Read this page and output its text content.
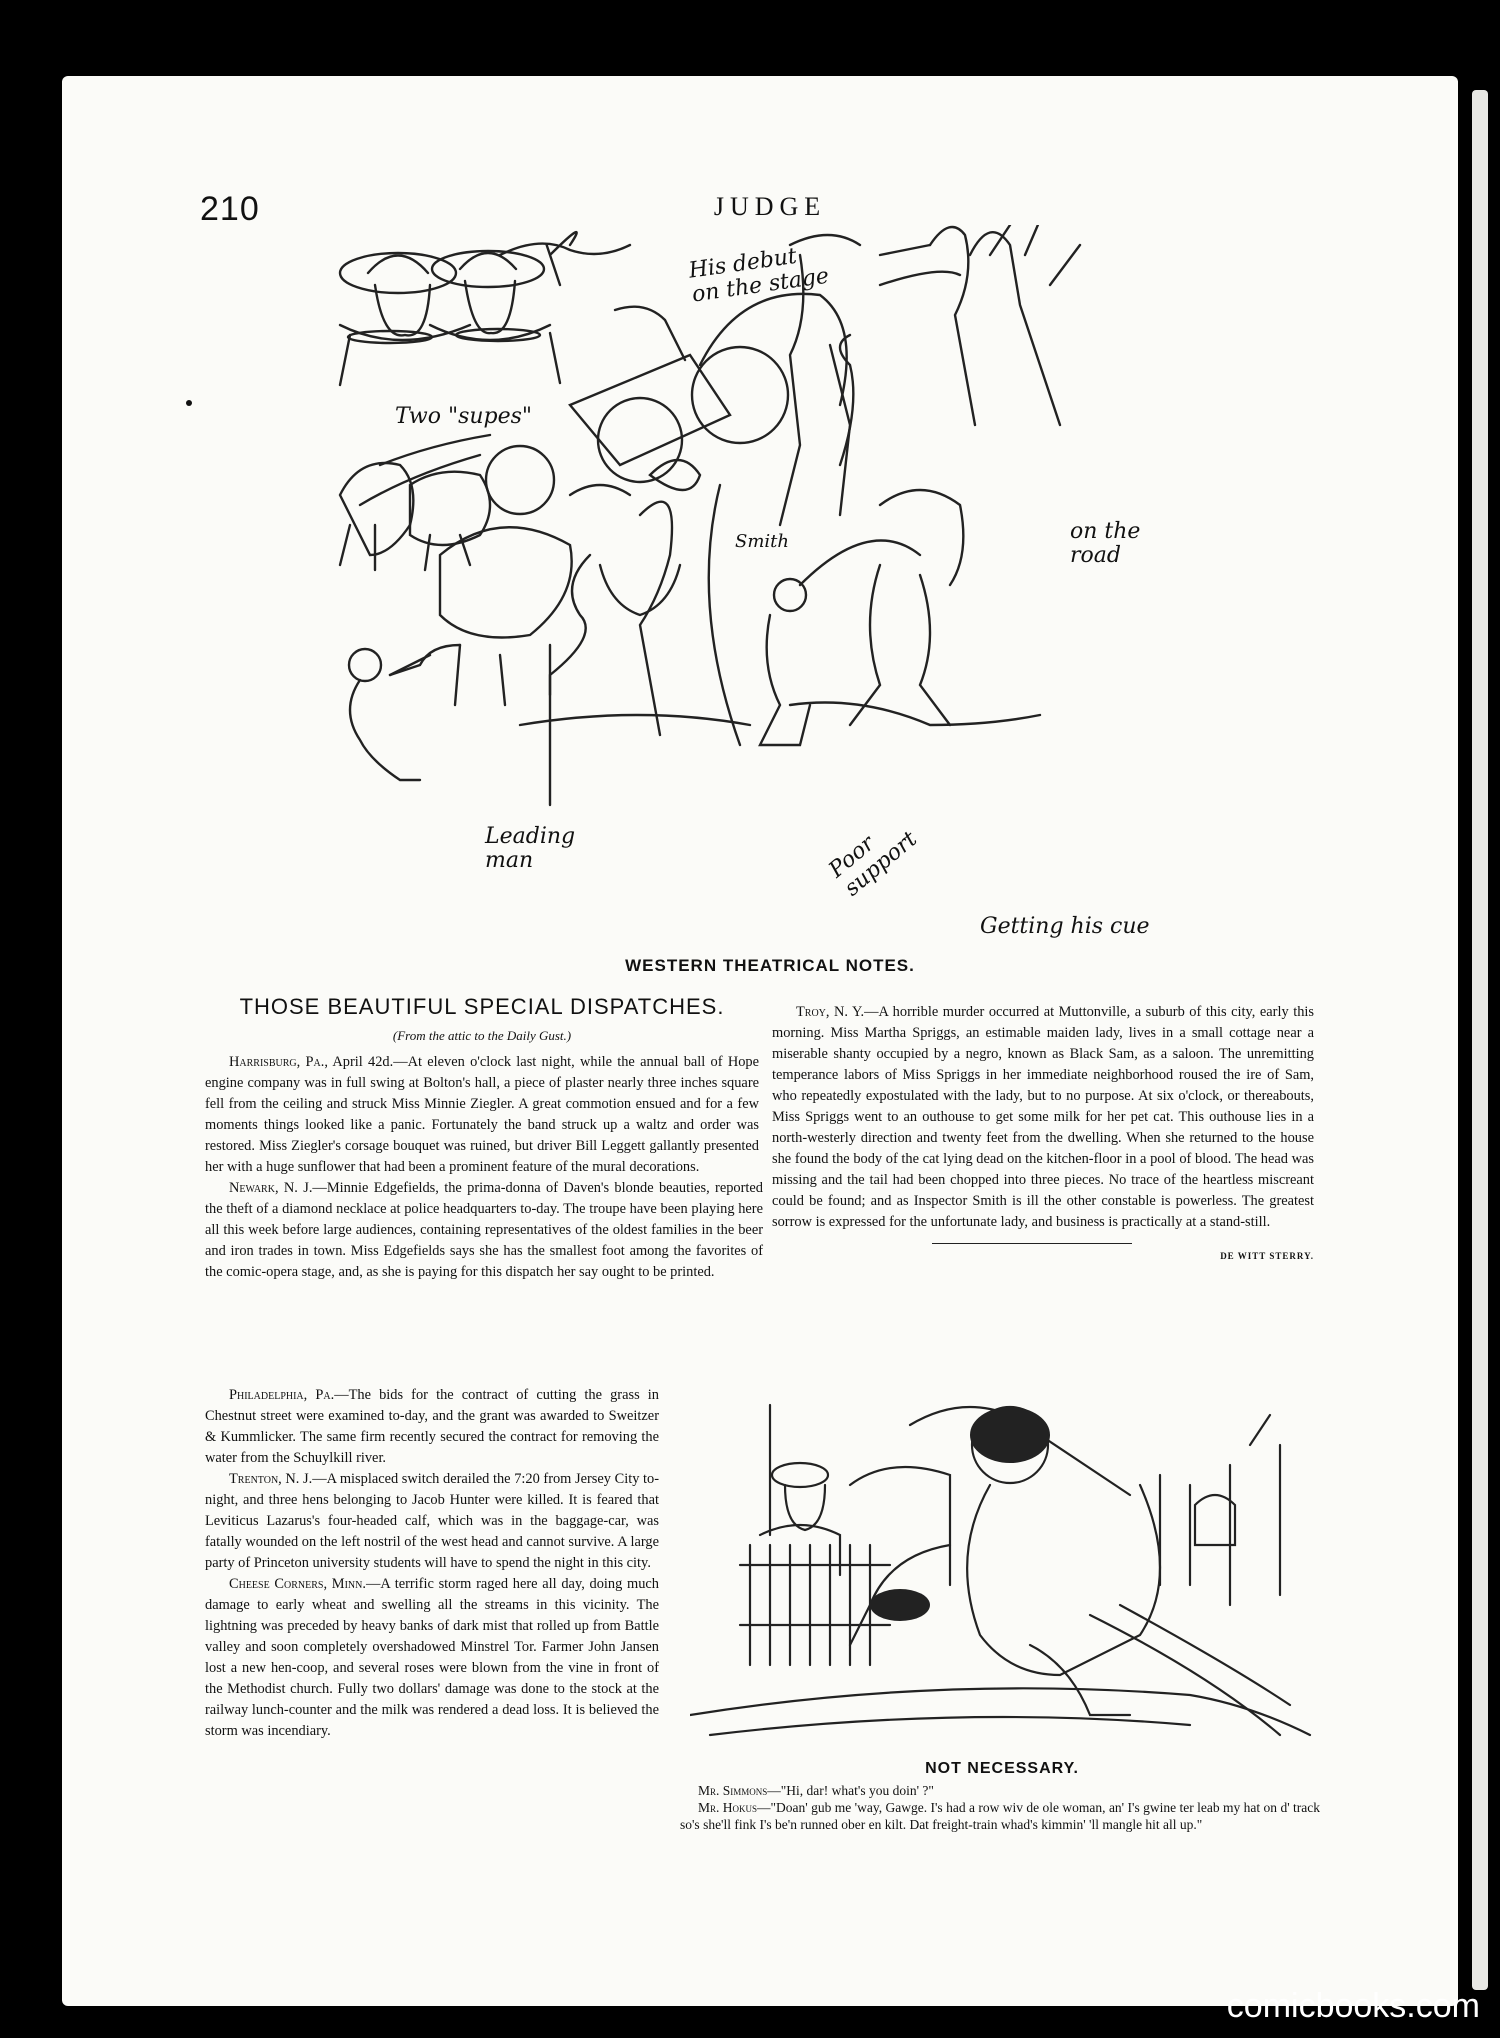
210	JUDGE
Two "supes"
His debut on the stage
on the road
Leading man	Poor support
Getting his cue
Smith
WESTERN THEATRICAL NOTES.
THOSE BEAUTIFUL SPECIAL DISPATCHES.
(From the attic to the Daily Gust.)

Harrisburg, Pa., April 42d.—At eleven o'clock last night, while the annual ball of Hope engine company was in full swing at Bolton's hall, a piece of plaster nearly three inches square fell from the ceiling and struck Miss Minnie Ziegler. A great commotion ensued and for a few moments things looked like a panic. Fortunately the band struck up a waltz and order was restored. Miss Ziegler's corsage bouquet was ruined, but driver Bill Leggett gallantly presented her with a huge sunflower that had been a prominent feature of the mural decorations.

Newark, N. J.—Minnie Edgefields, the prima-donna of Daven's blonde beauties, reported the theft of a diamond necklace at police headquarters to-day. The troupe have been playing here all this week before large audiences, containing representatives of the oldest families in the beer and iron trades in town. Miss Edgefields says she has the smallest foot among the favorites of the comic-opera stage, and, as she is paying for this dispatch her say ought to be printed.

Philadelphia, Pa.—The bids for the contract of cutting the grass in Chestnut street were examined to-day, and the grant was awarded to Sweitzer & Kummlicker. The same firm recently secured the contract for removing the water from the Schuylkill river.

Trenton, N. J.—A misplaced switch derailed the 7:20 from Jersey City to-night, and three hens belonging to Jacob Hunter were killed. It is feared that Leviticus Lazarus's four-headed calf, which was in the baggage-car, was fatally wounded on the left nostril of the west head and cannot survive. A large party of Princeton university students will have to spend the night in this city.

Cheese Corners, Minn.—A terrific storm raged here all day, doing much damage to early wheat and swelling all the streams in this vicinity. The lightning was preceded by heavy banks of dark mist that rolled up from Battle valley and soon completely overshadowed Minstrel Tor. Farmer John Jansen lost a new hen-coop, and several roses were blown from the vine in front of the Methodist church. Fully two dollars' damage was done to the stock at the railway lunch-counter and the milk was rendered a dead loss. It is believed the storm was incendiary.

Troy, N. Y.—A horrible murder occurred at Muttonville, a suburb of this city, early this morning. Miss Martha Spriggs, an estimable maiden lady, lives in a small cottage near a miserable shanty occupied by a negro, known as Black Sam, as a saloon. The unremitting temperance labors of Miss Spriggs in her immediate neighborhood roused the ire of Sam, who repeatedly expostulated with the lady, but to no purpose. At six o'clock, or thereabouts, Miss Spriggs went to an outhouse to get some milk for her pet cat. This outhouse lies in a north-westerly direction and twenty feet from the dwelling. When she returned to the house she found the body of the cat lying dead on the kitchen-floor in a pool of blood. The head was missing and the tail had been chopped into three pieces. No trace of the heartless miscreant could be found; and as Inspector Smith is ill the other constable is powerless. The greatest sorrow is expressed for the unfortunate lady, and business is practically at a stand-still.

DE WITT STERRY.
NOT NECESSARY.

Mr. Simmons—"Hi, dar! what's you doin' ?"

Mr. Hokus—"Doan' gub me 'way, Gawge. I's had a row wiv de ole woman, an' I's gwine ter leab my hat on d' track so's she'll fink I's be'n runned ober en kilt. Dat freight-train whad's kimmin' 'll mangle hit all up."

comicbooks.com
